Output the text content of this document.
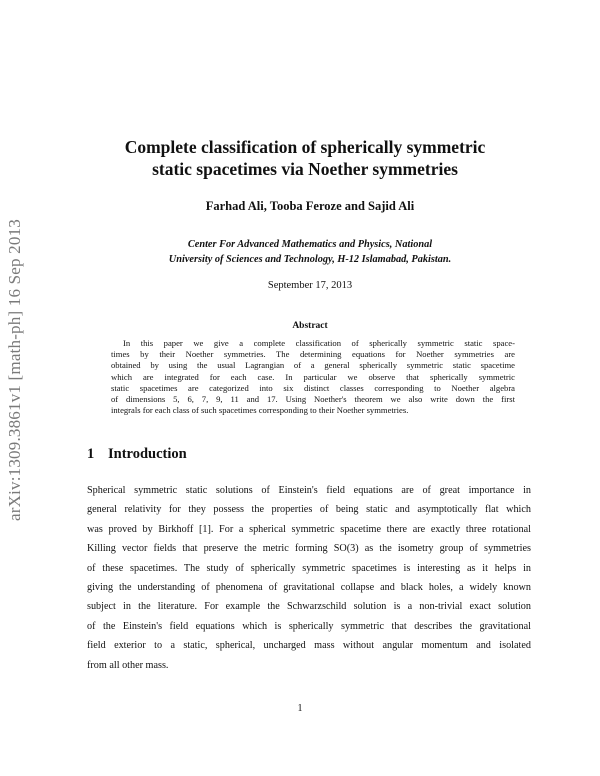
arXiv:1309.3861v1 [math-ph] 16 Sep 2013
Complete classification of spherically symmetric
static spacetimes via Noether symmetries
Farhad Ali, Tooba Feroze and Sajid Ali
Center For Advanced Mathematics and Physics, National
University of Sciences and Technology, H-12 Islamabad, Pakistan.
September 17, 2013
Abstract
In this paper we give a complete classification of spherically symmetric static space-
times by their Noether symmetries. The determining equations for Noether symmetries are
obtained by using the usual Lagrangian of a general spherically symmetric static spacetime
which are integrated for each case. In particular we observe that spherically symmetric
static spacetimes are categorized into six distinct classes corresponding to Noether algebra
of dimensions 5, 6, 7, 9, 11 and 17. Using Noether's theorem we also write down the first
integrals for each class of such spacetimes corresponding to their Noether symmetries.
1 Introduction
Spherical symmetric static solutions of Einstein's field equations are of great importance in
general relativity for they possess the properties of being static and asymptotically flat which
was proved by Birkhoff [1]. For a spherical symmetric spacetime there are exactly three rotational
Killing vector fields that preserve the metric forming SO(3) as the isometry group of symmetries
of these spacetimes. The study of spherically symmetric spacetimes is interesting as it helps in
giving the understanding of phenomena of gravitational collapse and black holes, a widely known
subject in the literature. For example the Schwarzschild solution is a non-trivial exact solution
of the Einstein's field equations which is spherically symmetric that describes the gravitational
field exterior to a static, spherical, uncharged mass without angular momentum and isolated
from all other mass.
1
